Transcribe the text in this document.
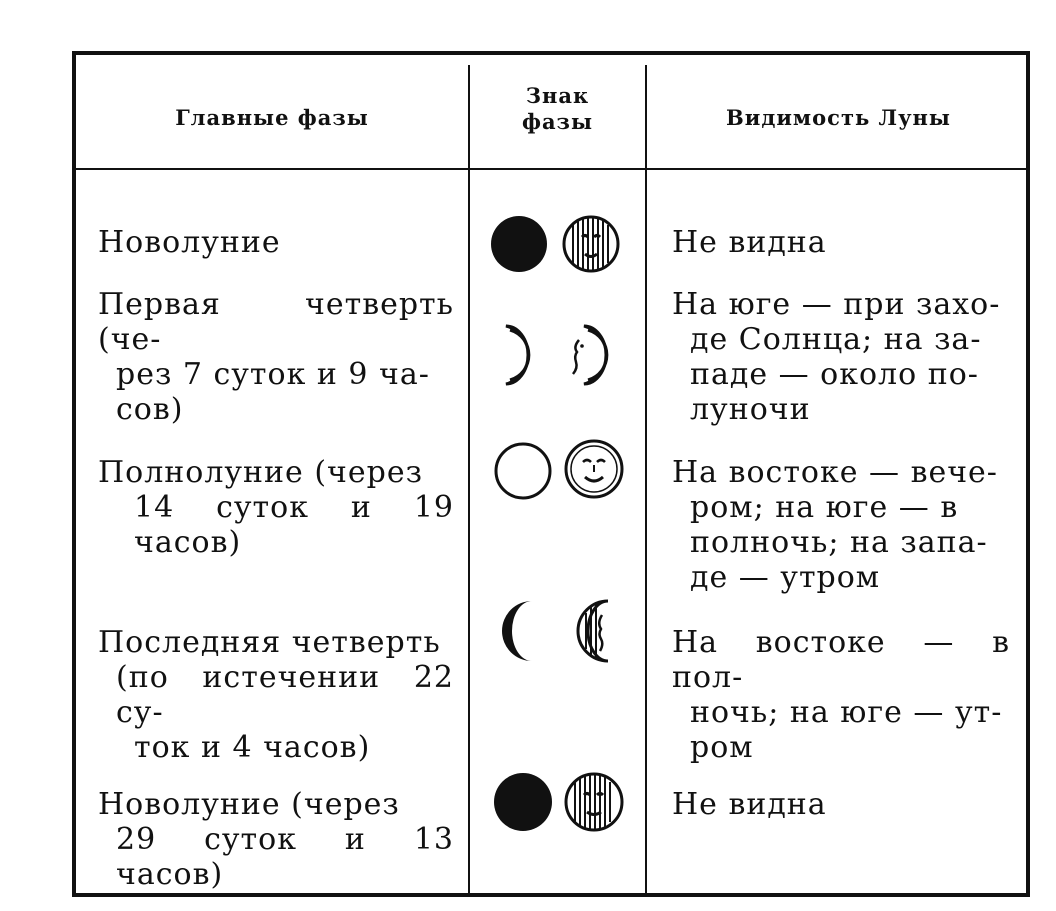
Главные фазы
Знак
фазы	Видимость Луны
Новолуние	Не видна
Первая четверть (че-
рез 7 суток и 9 ча-
сов)
На юге — при захо-
де Солнца; на за-
паде — около по-
луночи
Полнолуние (через
14 суток и 19 часов)
На востоке — вече-
ром; на юге — в
полночь; на запа-
де — утром
Последняя четверть
(по истечении 22 су-
ток и 4 часов)
На востоке — в пол-
ночь; на юге — ут-
ром
Новолуние (через
29 суток и 13 часов)
Не видна
